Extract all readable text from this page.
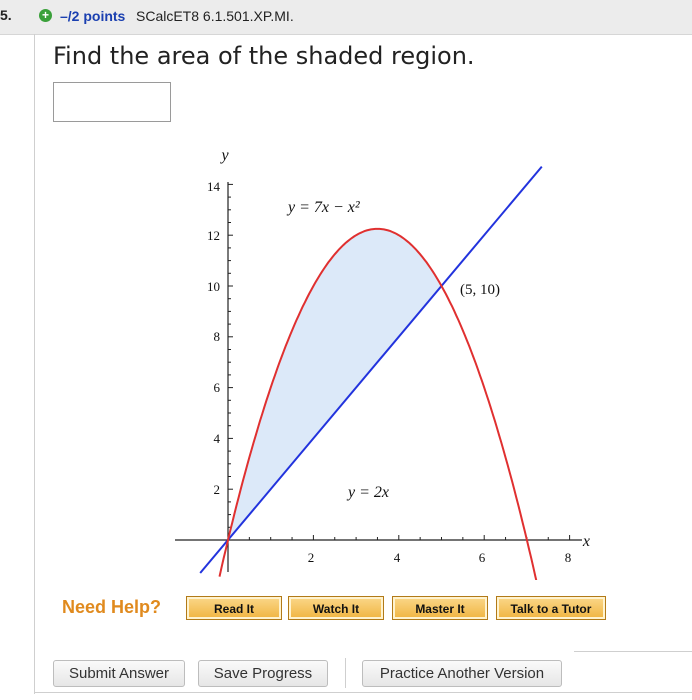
5.	+ –/2 points SCalcET8 6.1.501.XP.MI.
Find the area of the shaded region.
2	4	6	8
2
4
6
8
10
12
14
y
x
y = 7x − x²
y = 2x
(5, 10)
Need Help?	Read It	Watch It	Master It	Talk to a Tutor
Submit Answer	Save Progress	Practice Another Version
